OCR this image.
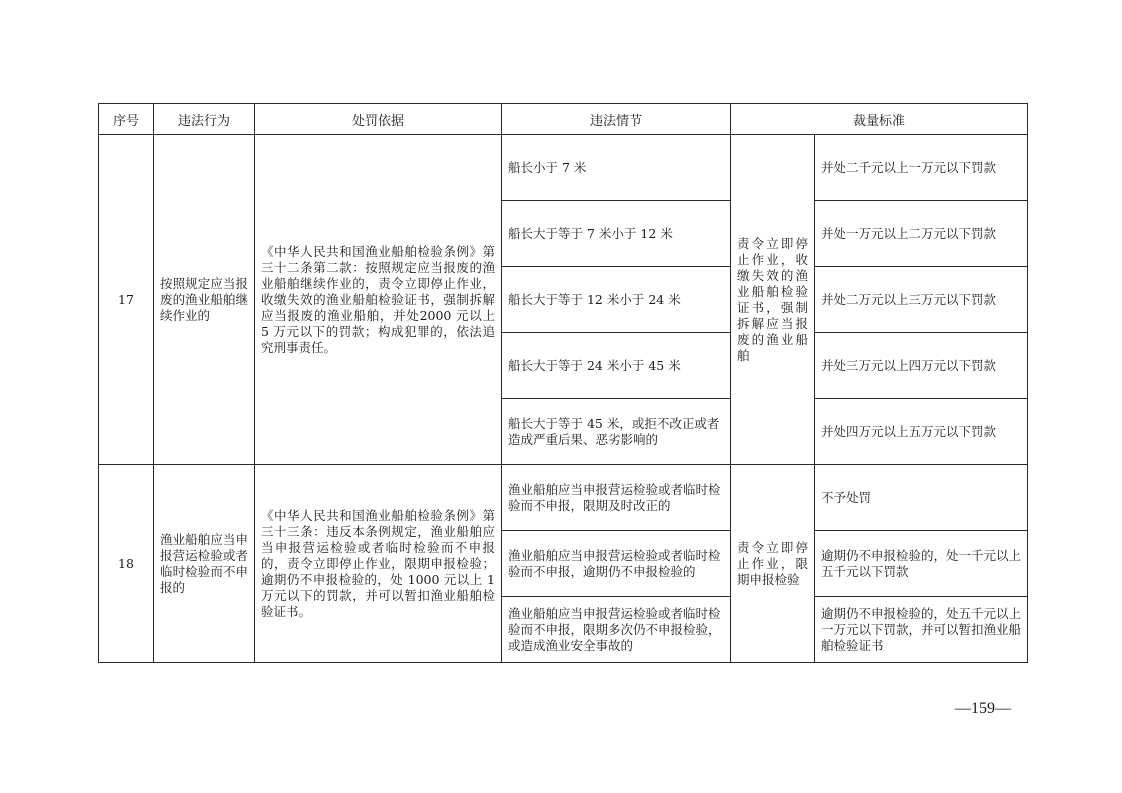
序号	违法行为	处罚依据	违法情节	裁量标准	
17	按照规定应当报废的渔业船舶继续作业的	《中华人民共和国渔业船舶检验条例》第三十二条第二款：按照规定应当报废的渔业船舶继续作业的，责令立即停止作业，收缴失效的渔业船舶检验证书，强制拆解应当报废的渔业船舶，并处2000 元以上 5 万元以下的罚款；构成犯罪的，依法追究刑事责任。	船长小于 7 米	责令立即停止作业，收缴失效的渔业船舶检验证书，强制拆解应当报废的渔业船舶	并处二千元以上一万元以下罚款
			船长大于等于 7 米小于 12 米		并处一万元以上二万元以下罚款
			船长大于等于 12 米小于 24 米		并处二万元以上三万元以下罚款
			船长大于等于 24 米小于 45 米		并处三万元以上四万元以下罚款
			船长大于等于 45 米，或拒不改正或者造成严重后果、恶劣影响的		并处四万元以上五万元以下罚款
18	渔业船舶应当申报营运检验或者临时检验而不申报的	《中华人民共和国渔业船舶检验条例》第三十三条：违反本条例规定，渔业船舶应当申报营运检验或者临时检验而不申报的，责令立即停止作业，限期申报检验；逾期仍不申报检验的，处 1000 元以上 1 万元以下的罚款，并可以暂扣渔业船舶检验证书。	渔业船舶应当申报营运检验或者临时检验而不申报，限期及时改正的	责令立即停止作业，限期申报检验	不予处罚
			渔业船舶应当申报营运检验或者临时检验而不申报，逾期仍不申报检验的		逾期仍不申报检验的，处一千元以上五千元以下罚款
			渔业船舶应当申报营运检验或者临时检验而不申报，限期多次仍不申报检验，或造成渔业安全事故的		逾期仍不申报检验的，处五千元以上一万元以下罚款，并可以暂扣渔业船舶检验证书
—159—
